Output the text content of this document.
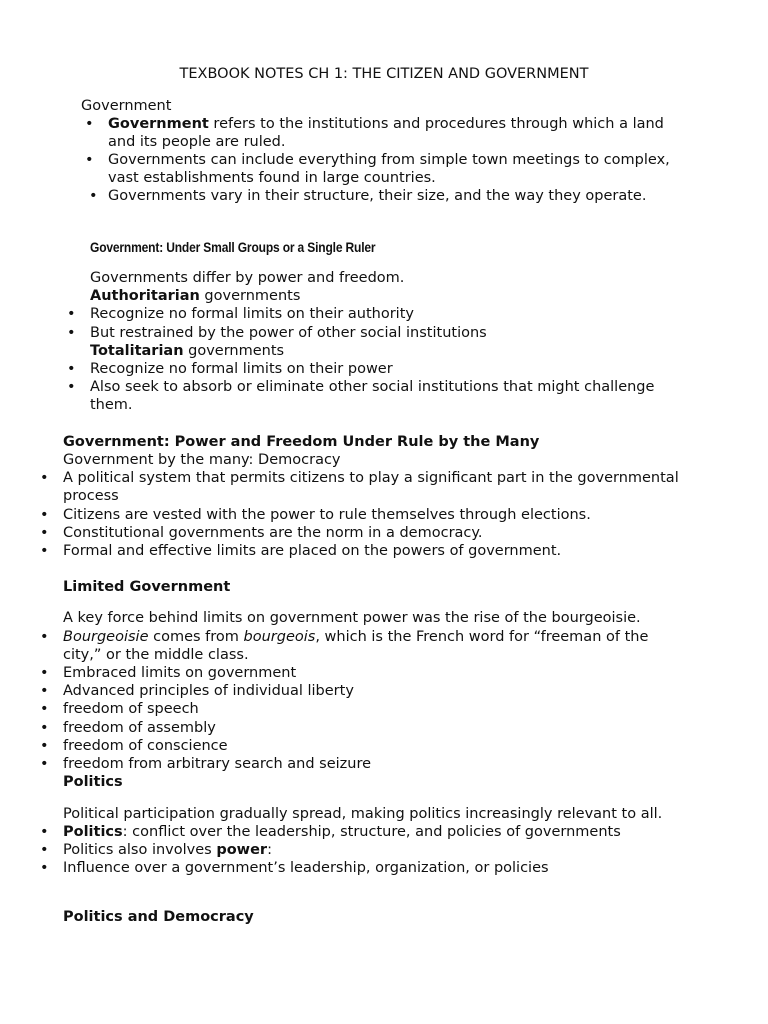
TEXBOOK NOTES CH 1: THE CITIZEN AND GOVERNMENT
Government
• Government refers to the institutions and procedures through which a land
and its people are ruled.
• Governments can include everything from simple town meetings to complex,
vast establishments found in large countries.
• Governments vary in their structure, their size, and the way they operate.
Government: Under Small Groups or a Single Ruler
Governments differ by power and freedom.
Authoritarian governments
• Recognize no formal limits on their authority
• But restrained by the power of other social institutions
Totalitarian governments
• Recognize no formal limits on their power
• Also seek to absorb or eliminate other social institutions that might challenge
them.
Government: Power and Freedom Under Rule by the Many
Government by the many: Democracy
• A political system that permits citizens to play a significant part in the governmental
process
• Citizens are vested with the power to rule themselves through elections.
• Constitutional governments are the norm in a democracy.
• Formal and effective limits are placed on the powers of government.
Limited Government
A key force behind limits on government power was the rise of the bourgeoisie.
• Bourgeoisie comes from bourgeois, which is the French word for “freeman of the
city,” or the middle class.
• Embraced limits on government
• Advanced principles of individual liberty
• freedom of speech
• freedom of assembly
• freedom of conscience
• freedom from arbitrary search and seizure
Politics
Political participation gradually spread, making politics increasingly relevant to all.
• Politics: conflict over the leadership, structure, and policies of governments
• Politics also involves power:
• Influence over a government’s leadership, organization, or policies
Politics and Democracy
